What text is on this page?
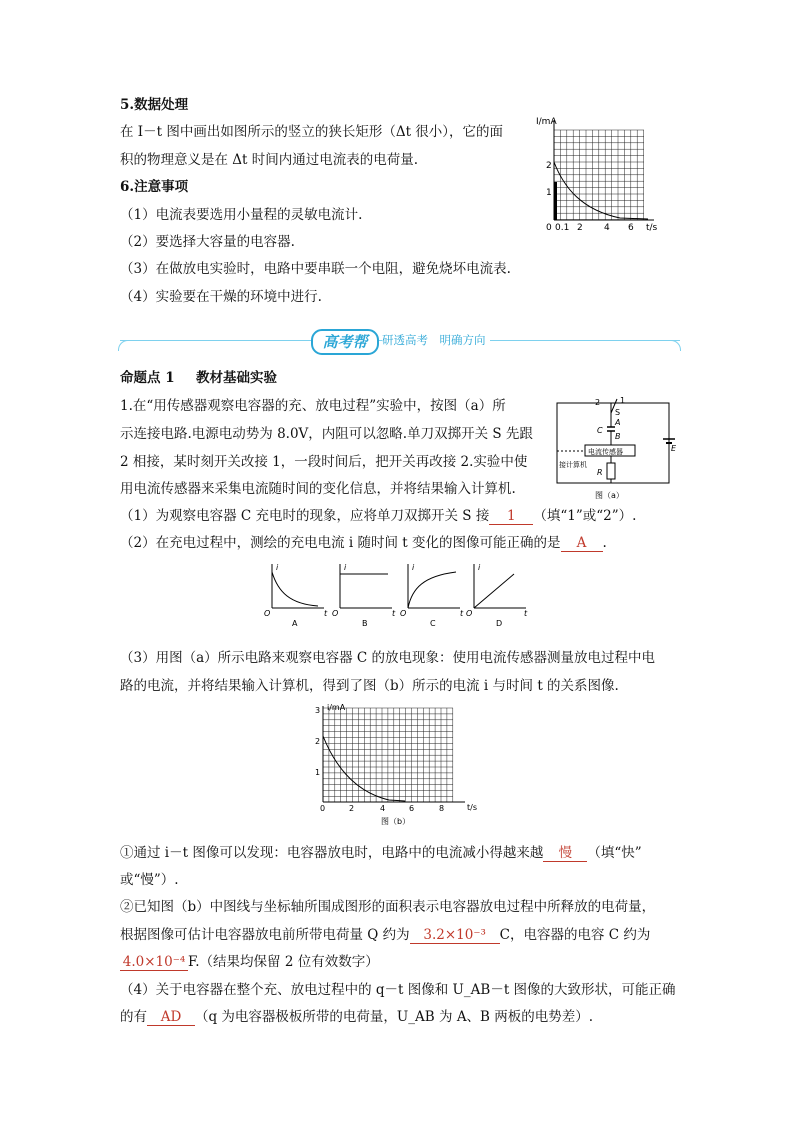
5.数据处理
在 I－t 图中画出如图所示的竖立的狭长矩形（Δt 很小），它的面
积的物理意义是在 Δt 时间内通过电流表的电荷量.
6.注意事项
（1）电流表要选用小量程的灵敏电流计.
（2）要选择大容量的电容器.
（3）在做放电实验时，电路中要串联一个电阻，避免烧坏电流表.
（4）实验要在干燥的环境中进行.
I/mA
t/s
2
1
0 0.1 2 4 6
高考帮	研透高考　明确方向
命题点 1 教材基础实验
1.在“用传感器观察电容器的充、放电过程”实验中，按图（a）所
示连接电路.电源电动势为 8.0V，内阻可以忽略.单刀双掷开关 S 先跟
2 相接，某时刻开关改接 1，一段时间后，把开关再改接 2.实验中使
用电流传感器来采集电流随时间的变化信息，并将结果输入计算机.
2 1
S
A
B
C
E
R
电流传感器
接计算机
图（a）
（1）为观察电容器 C 充电时的现象，应将单刀双掷开关 S 接 1 （填“1”或“2”）.
（2）在充电过程中，测绘的充电电流 i 随时间 t 变化的图像可能正确的是 A .
i
t
O
A
i
t
O
B
i
t
O
C
i
t
O
D
（3）用图（a）所示电路来观察电容器 C 的放电现象：使用电流传感器测量放电过程中电
路的电流，并将结果输入计算机，得到了图（b）所示的电流 i 与时间 t 的关系图像.
i/mA
t/s
3
2
1
0	2	4	6	8
图（b）
①通过 i－t 图像可以发现：电容器放电时，电路中的电流减小得越来越 慢 （填“快”
或“慢”）.
②已知图（b）中图线与坐标轴所围成图形的面积表示电容器放电过程中所释放的电荷量，
根据图像可估计电容器放电前所带电荷量 Q 约为 3.2×10⁻³ C，电容器的电容 C 约为
4.0×10⁻⁴ F.（结果均保留 2 位有效数字）
（4）关于电容器在整个充、放电过程中的 q－t 图像和 U_AB－t 图像的大致形状，可能正确
的有 AD （q 为电容器极板所带的电荷量，U_AB 为 A、B 两板的电势差）.
